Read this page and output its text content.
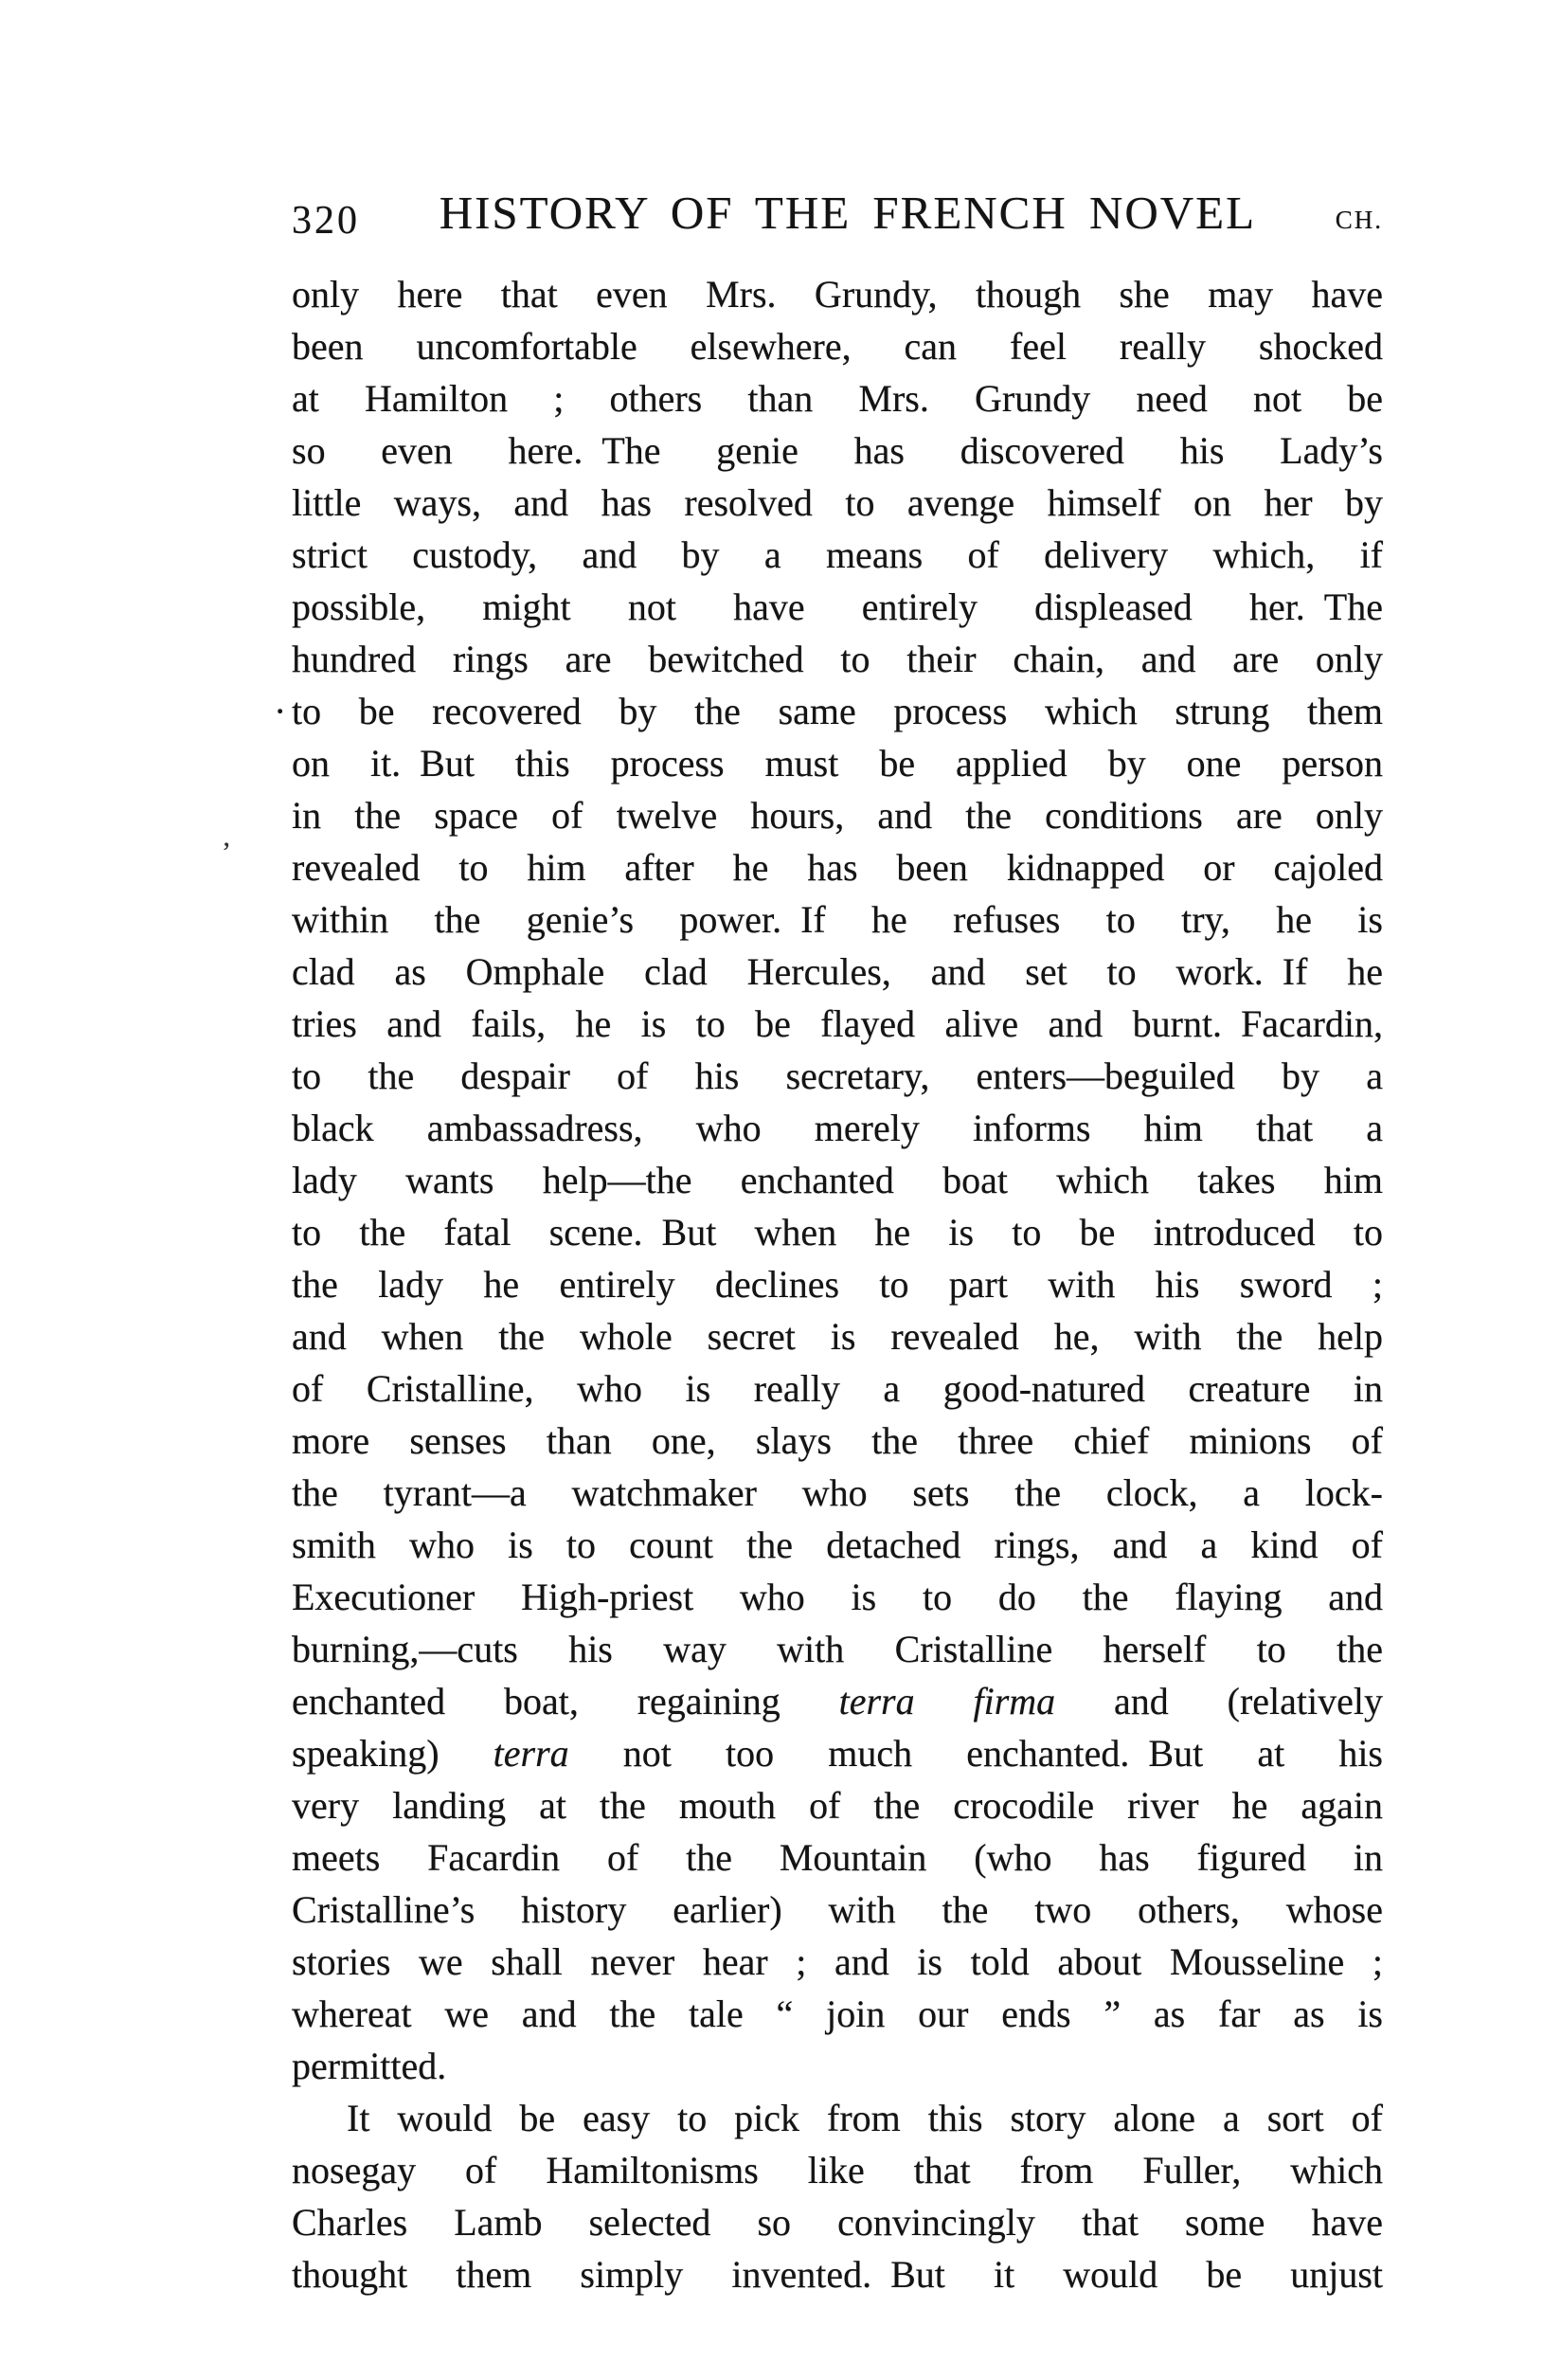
320	HISTORY OF THE FRENCH NOVEL	CH.
only here that even Mrs. Grundy, though she may have
been uncomfortable elsewhere, can feel really shocked
at Hamilton ; others than Mrs. Grundy need not be
so even here. The genie has discovered his Lady’s
little ways, and has resolved to avenge himself on her by
strict custody, and by a means of delivery which, if
possible, might not have entirely displeased her. The
hundred rings are bewitched to their chain, and are only
· to be recovered by the same process which strung them
on it. But this process must be applied by one person
in the space of twelve hours, and the conditions are only
’ revealed to him after he has been kidnapped or cajoled
within the genie’s power. If he refuses to try, he is
clad as Omphale clad Hercules, and set to work. If he
tries and fails, he is to be flayed alive and burnt. Facardin,
to the despair of his secretary, enters—beguiled by a
black ambassadress, who merely informs him that a
lady wants help—the enchanted boat which takes him
to the fatal scene. But when he is to be introduced to
the lady he entirely declines to part with his sword ;
and when the whole secret is revealed he, with the help
of Cristalline, who is really a good-natured creature in
more senses than one, slays the three chief minions of
the tyrant—a watchmaker who sets the clock, a lock-
smith who is to count the detached rings, and a kind of
Executioner High-priest who is to do the flaying and
burning,—cuts his way with Cristalline herself to the
enchanted boat, regaining terra firma and (relatively
speaking) terra not too much enchanted. But at his
very landing at the mouth of the crocodile river he again
meets Facardin of the Mountain (who has figured in
Cristalline’s history earlier) with the two others, whose
stories we shall never hear ; and is told about Mousseline ;
whereat we and the tale “ join our ends ” as far as is
permitted.
It would be easy to pick from this story alone a sort of
nosegay of Hamiltonisms like that from Fuller, which
Charles Lamb selected so convincingly that some have
thought them simply invented. But it would be unjust
